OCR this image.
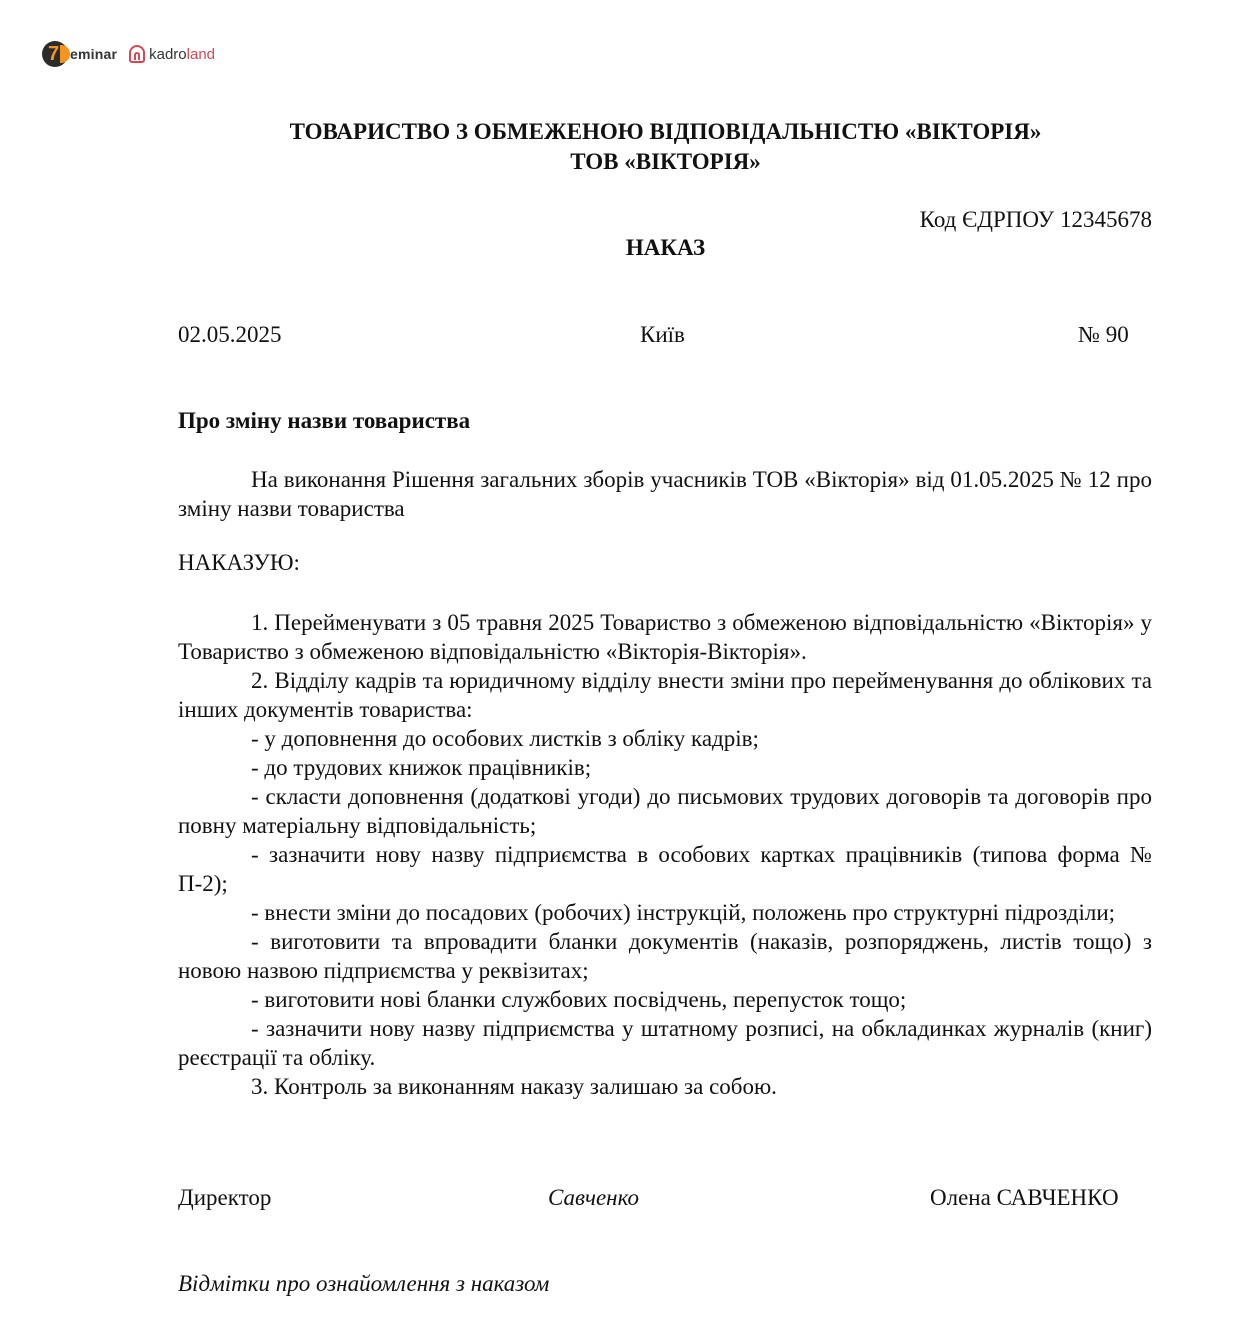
7 eminar kadro land
ТОВАРИСТВО З ОБМЕЖЕНОЮ ВІДПОВІДАЛЬНІСТЮ «ВІКТОРІЯ»
ТОВ «ВІКТОРІЯ»
Код ЄДРПОУ 12345678
НАКАЗ
02.05.2025	Київ	№ 90
Про зміну назви товариства

На виконання Рішення загальних зборів учасників ТОВ «Вікторія» від 01.05.2025 № 12 про зміну назви товариства

НАКАЗУЮ:

1. Перейменувати з 05 травня 2025 Товариство з обмеженою відповідальністю «Вікторія» у Товариство з обмеженою відповідальністю «Вікторія-Вікторія».

2. Відділу кадрів та юридичному відділу внести зміни про перейменування до облікових та інших документів товариства:

- у доповнення до особових листків з обліку кадрів;

- до трудових книжок працівників;

- скласти доповнення (додаткові угоди) до письмових трудових договорів та договорів про повну матеріальну відповідальність;

- зазначити нову назву підприємства в особових картках працівників (типова форма № П-2);

- внести зміни до посадових (робочих) інструкцій, положень про структурні підрозділи;

- виготовити та впровадити бланки документів (наказів, розпоряджень, листів тощо) з новою назвою підприємства у реквізитах;

- виготовити нові бланки службових посвідчень, перепусток тощо;

- зазначити нову назву підприємства у штатному розписі, на обкладинках журналів (книг) реєстрації та обліку.

3. Контроль за виконанням наказу залишаю за собою.

Директор	Савченко	Олена САВЧЕНКО
Відмітки про ознайомлення з наказом
